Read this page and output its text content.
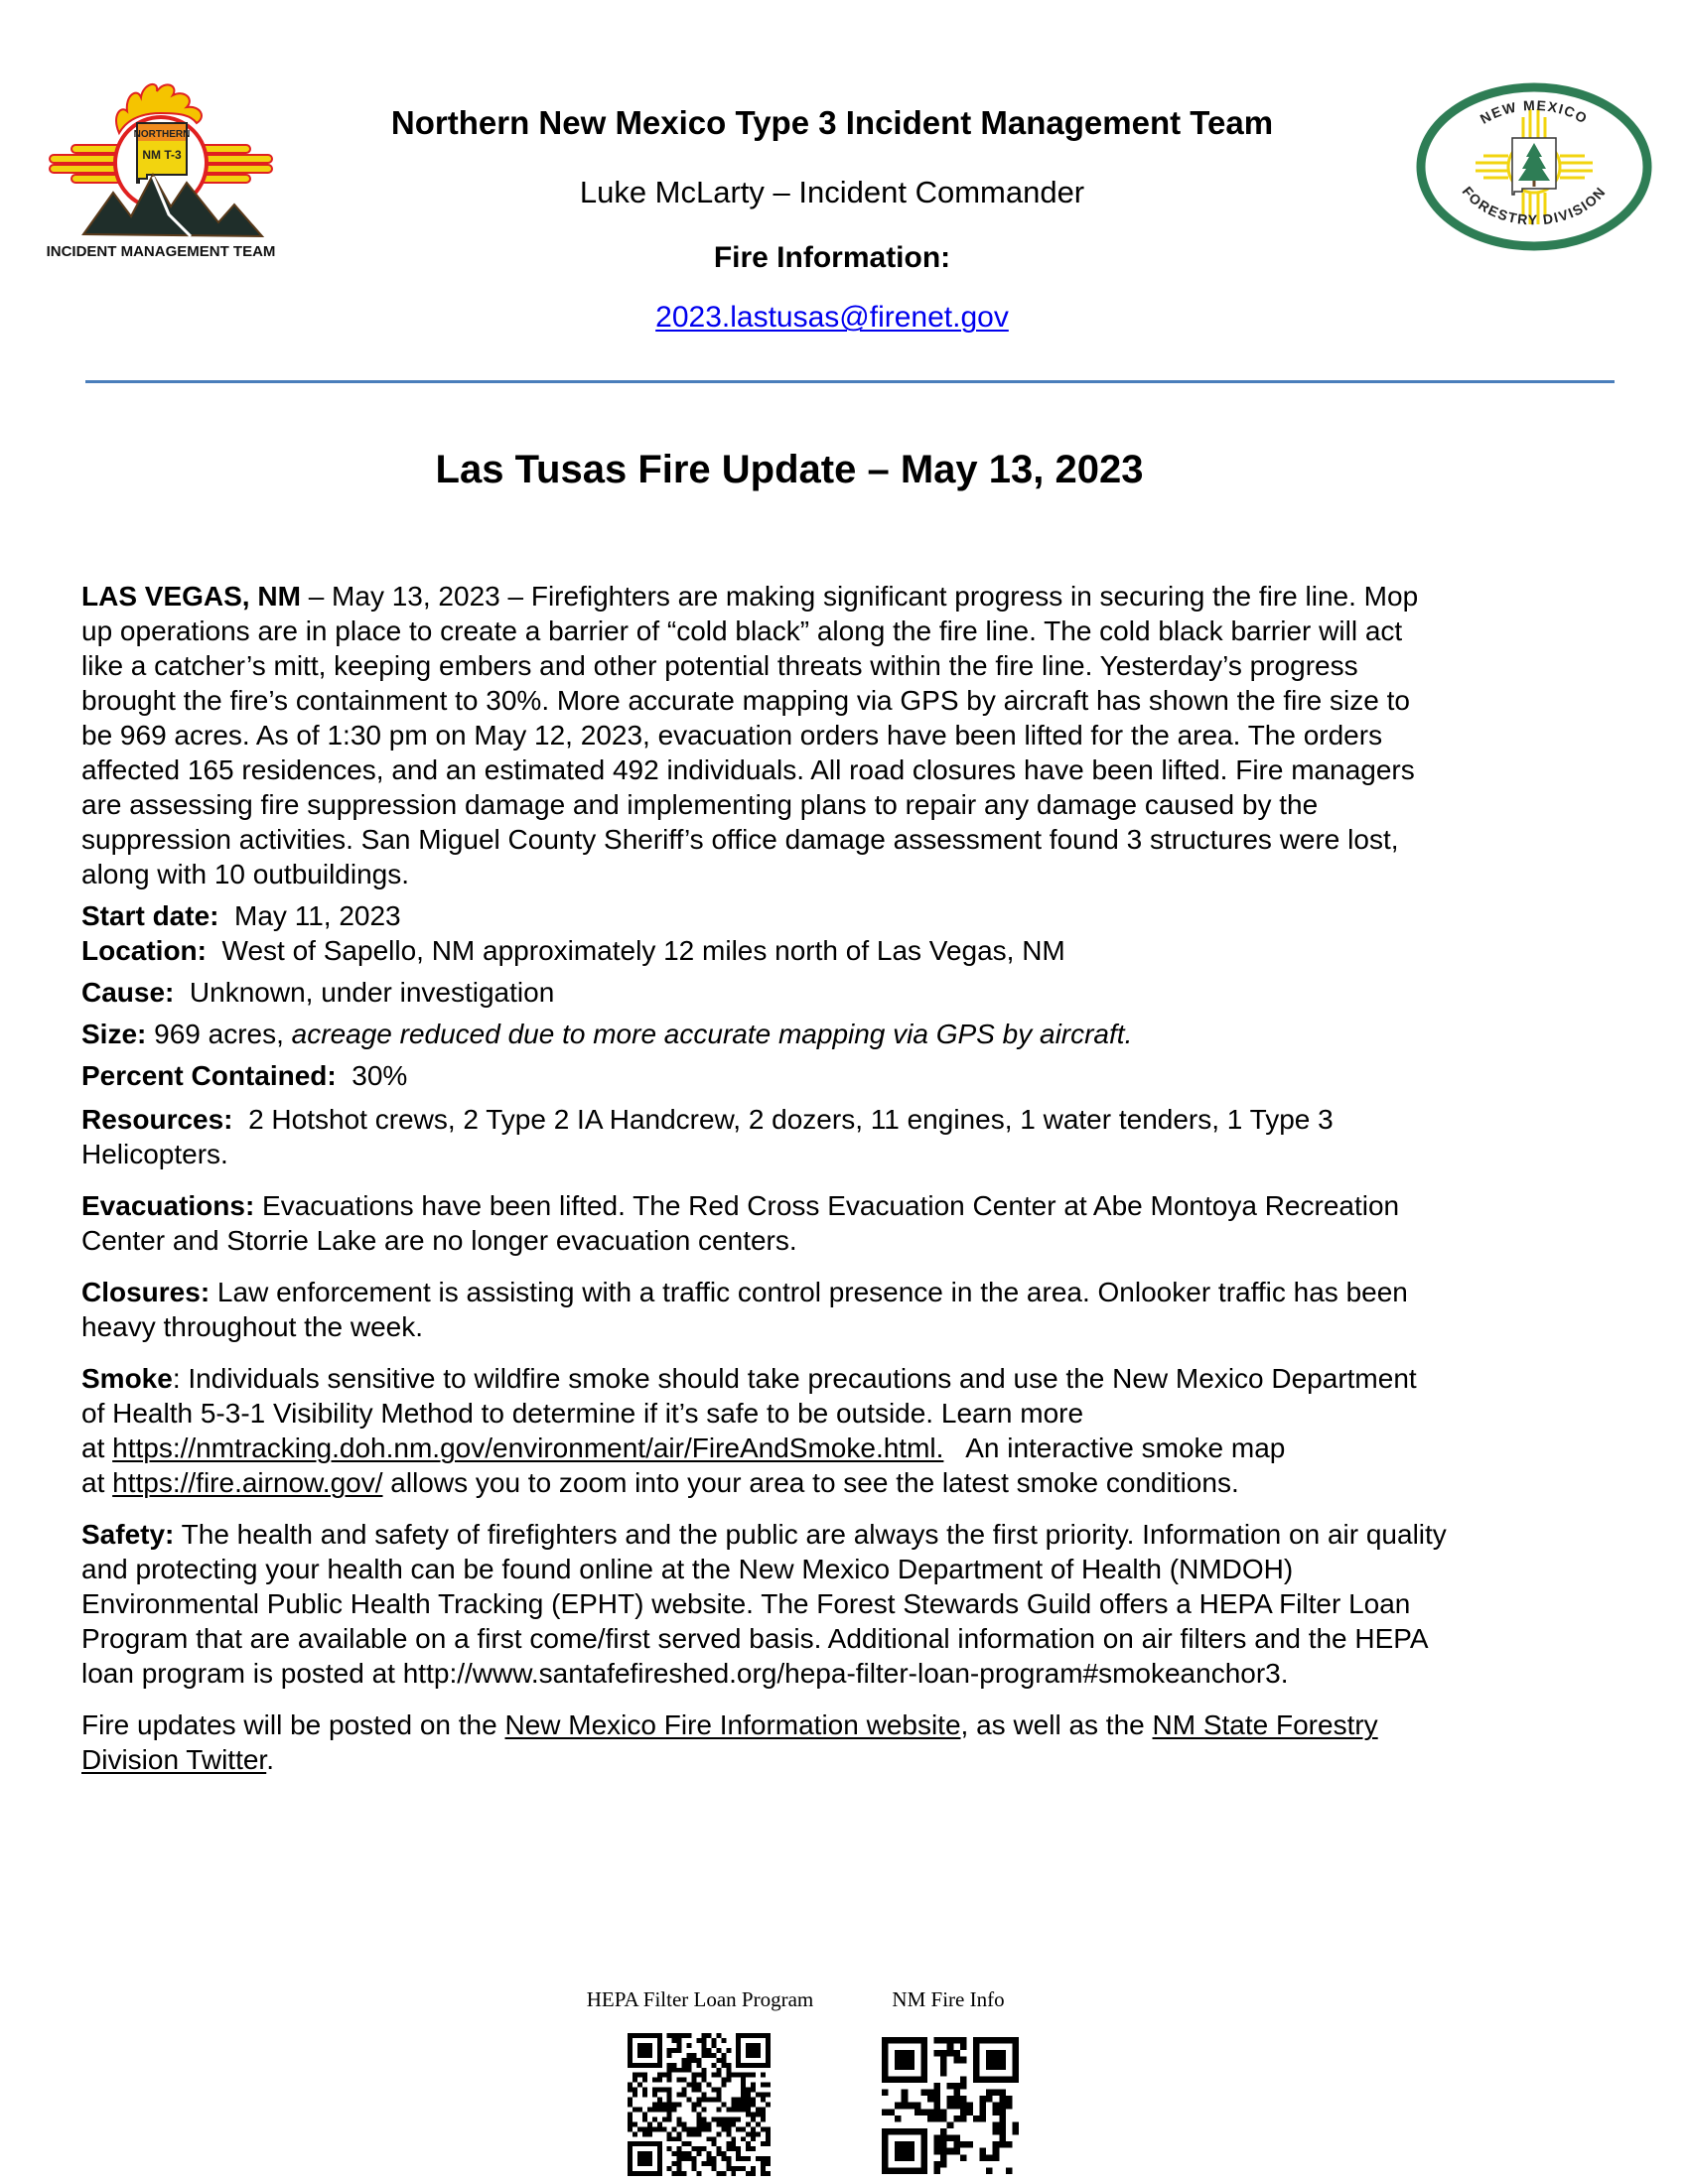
NORTHERN
NM T-3
INCIDENT MANAGEMENT TEAM
Northern New Mexico Type 3 Incident Management Team
Luke McLarty – Incident Commander
Fire Information:
2023.lastusas@firenet.gov
NEW MEXICO
FORESTRY DIVISION
Las Tusas Fire Update – May 13, 2023
LAS VEGAS, NM – May 13, 2023 – Firefighters are making significant progress in securing the fire line. Mop
up operations are in place to create a barrier of “cold black” along the fire line. The cold black barrier will act
like a catcher’s mitt, keeping embers and other potential threats within the fire line. Yesterday’s progress
brought the fire’s containment to 30%. More accurate mapping via GPS by aircraft has shown the fire size to
be 969 acres. As of 1:30 pm on May 12, 2023, evacuation orders have been lifted for the area. The orders
affected 165 residences, and an estimated 492 individuals. All road closures have been lifted. Fire managers
are assessing fire suppression damage and implementing plans to repair any damage caused by the
suppression activities. San Miguel County Sheriff’s office damage assessment found 3 structures were lost,
along with 10 outbuildings.
Start date:  May 11, 2023
Location:  West of Sapello, NM approximately 12 miles north of Las Vegas, NM
Cause:  Unknown, under investigation
Size: 969 acres, acreage reduced due to more accurate mapping via GPS by aircraft.
Percent Contained:  30%
Resources:  2 Hotshot crews, 2 Type 2 IA Handcrew, 2 dozers, 11 engines, 1 water tenders, 1 Type 3
Helicopters.
Evacuations: Evacuations have been lifted. The Red Cross Evacuation Center at Abe Montoya Recreation
Center and Storrie Lake are no longer evacuation centers.
Closures: Law enforcement is assisting with a traffic control presence in the area. Onlooker traffic has been
heavy throughout the week.
Smoke: Individuals sensitive to wildfire smoke should take precautions and use the New Mexico Department
of Health 5-3-1 Visibility Method to determine if it’s safe to be outside. Learn more
at https://nmtracking.doh.nm.gov/environment/air/FireAndSmoke.html.   An interactive smoke map
at https://fire.airnow.gov/ allows you to zoom into your area to see the latest smoke conditions.
Safety: The health and safety of firefighters and the public are always the first priority. Information on air quality
and protecting your health can be found online at the New Mexico Department of Health (NMDOH)
Environmental Public Health Tracking (EPHT) website. The Forest Stewards Guild offers a HEPA Filter Loan
Program that are available on a first come/first served basis. Additional information on air filters and the HEPA
loan program is posted at http://www.santafefireshed.org/hepa-filter-loan-program#smokeanchor3.
Fire updates will be posted on the New Mexico Fire Information website, as well as the NM State Forestry
Division Twitter.
HEPA Filter Loan Program	NM Fire Info
